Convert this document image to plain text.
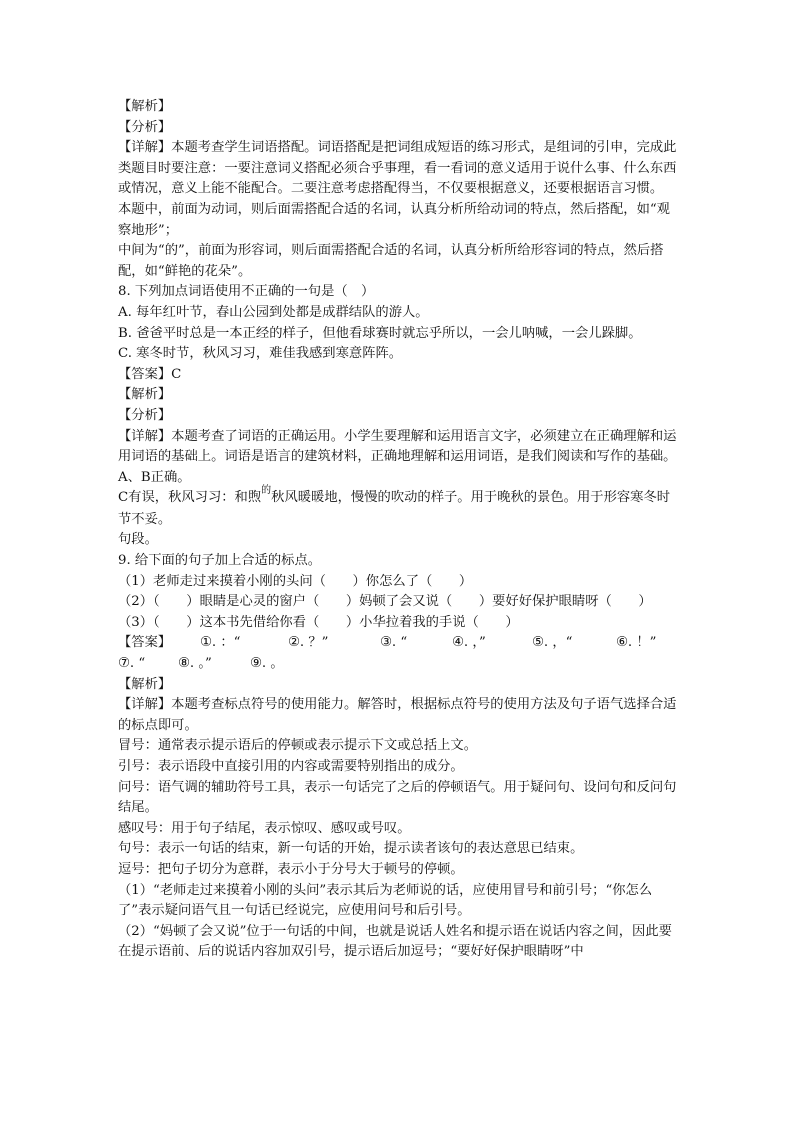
【解析】

【分析】

【详解】本题考查学生词语搭配。词语搭配是把词组成短语的练习形式，是组词的引申，完成此类题目时要注意：一要注意词义搭配必须合乎事理，看一看词的意义适用于说什么事、什么东西或情况，意义上能不能配合。二要注意考虑搭配得当，不仅要根据意义，还要根据语言习惯。

本题中，前面为动词，则后面需搭配合适的名词，认真分析所给动词的特点，然后搭配，如“观察地形”；

中间为“的”，前面为形容词，则后面需搭配合适的名词，认真分析所给形容词的特点，然后搭配，如“鲜艳的花朵”。

8. 下列加点词语使用不正确的一句是（　）

A. 每年红叶节，春山公园到处都是成群结队的游人。

B. 爸爸平时总是一本正经的样子，但他看球赛时就忘乎所以，一会儿呐喊，一会儿跺脚。

C. 寒冬时节，秋风习习，难佳我感到寒意阵阵。

【答案】C

【解析】

【分析】

【详解】本题考查了词语的正确运用。小学生要理解和运用语言文字，必须建立在正确理解和运用词语的基础上。词语是语言的建筑材料，正确地理解和运用词语，是我们阅读和写作的基础。

A、B正确。

C有误，秋风习习：和煦$^的$秋风暖暖地，慢慢的吹动的样子。用于晚秋的景色。用于形容寒冬时节不妥。

句段。

9. 给下面的句子加上合适的标点。

（1）老师走过来摸着小刚的头问（　　）你怎么了（　　）

（2）（　　）眼睛是心灵的窗户（　　）妈顿了会又说（　　）要好好保护眼睛呀（　　）

（3）（　　）这本书先借给你看（　　）小华拉着我的手说（　　）

【答案】	①. ：“	②. ？”	③. “	④. ，”	⑤. ，“	⑥. ！”
⑦. “	⑧. 。”	⑨. 。

【解析】

【详解】本题考查标点符号的使用能力。解答时，根据标点符号的使用方法及句子语气选择合适的标点即可。

冒号：通常表示提示语后的停顿或表示提示下文或总括上文。

引号：表示语段中直接引用的内容或需要特别指出的成分。

问号：语气调的辅助符号工具，表示一句话完了之后的停顿语气。用于疑问句、设问句和反问句结尾。

感叹号：用于句子结尾，表示惊叹、感叹或号叹。

句号：表示一句话的结束，新一句话的开始，提示读者该句的表达意思已结束。

逗号：把句子切分为意群，表示小于分号大于顿号的停顿。

（1）“老师走过来摸着小刚的头问”表示其后为老师说的话，应使用冒号和前引号；“你怎么了”表示疑问语气且一句话已经说完，应使用问号和后引号。

（2）“妈顿了会又说”位于一句话的中间，也就是说话人姓名和提示语在说话内容之间，因此要在提示语前、后的说话内容加双引号，提示语后加逗号；“要好好保护眼睛呀”中
